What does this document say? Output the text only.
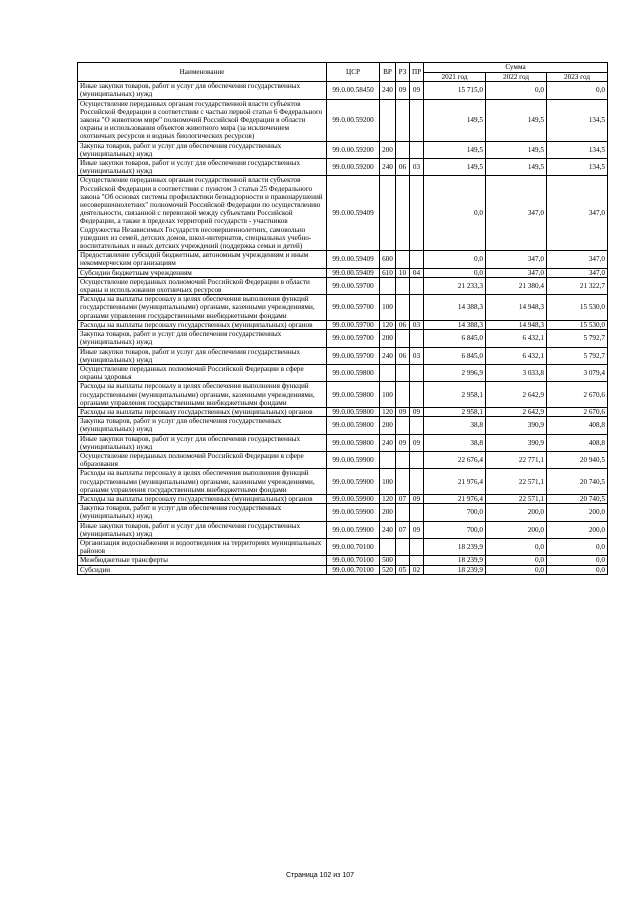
Наименование	ЦСР	ВР	РЗ	ПР	Сумма		
					2021 год	2022 год	2023 год
Иные закупки товаров, работ и услуг для обеспечения государственных (муниципальных) нужд	99.0.00.58450	240	09	09	15 715,0	0,0	0,0
Осуществление переданных органам государственной власти субъектов Российской Федерации в соответствии с частью первой статьи 6 Федерального закона "О животном мире" полномочий Российской Федерации в области охраны и использования объектов животного мира (за исключением охотничьих ресурсов и водных биологических ресурсов)	99.0.00.59200				149,5	149,5	134,5
Закупка товаров, работ и услуг для обеспечения государственных (муниципальных) нужд	99.0.00.59200	200			149,5	149,5	134,5
Иные закупки товаров, работ и услуг для обеспечения государственных (муниципальных) нужд	99.0.00.59200	240	06	03	149,5	149,5	134,5
Осуществление переданных органам государственной власти субъектов Российской Федерации в соответствии с пунктом 3 статьи 25 Федерального закона "Об основах системы профилактики безнадзорности и правонарушений несовершеннолетних" полномочий Российской Федерации по осуществлению деятельности, связанной с перевозкой между субъектами Российской Федерации, а также в пределах территорий государств - участников Содружества Независимых Государств несовершеннолетних, самовольно ушедших из семей, детских домов, школ-интернатов, специальных учебно-воспитательных и иных детских учреждений (поддержка семьи и детей)	99.0.00.59409				0,0	347,0	347,0
Предоставление субсидий бюджетным, автономным учреждениям и иным некоммерческим организациям	99.0.00.59409	600			0,0	347,0	347,0
Субсидии бюджетным учреждениям	99.0.00.59409	610	10	04	0,0	347,0	347,0
Осуществление переданных полномочий Российской Федерации в области охраны и использования охотничьих ресурсов	99.0.00.59700				21 233,3	21 380,4	21 322,7
Расходы на выплаты персоналу в целях обеспечения выполнения функций государственными (муниципальными) органами, казенными учреждениями, органами управления государственными внебюджетными фондами	99.0.00.59700	100			14 388,3	14 948,3	15 530,0
Расходы на выплаты персоналу государственных (муниципальных) органов	99.0.00.59700	120	06	03	14 388,3	14 948,3	15 530,0
Закупка товаров, работ и услуг для обеспечения государственных (муниципальных) нужд	99.0.00.59700	200			6 845,0	6 432,1	5 792,7
Иные закупки товаров, работ и услуг для обеспечения государственных (муниципальных) нужд	99.0.00.59700	240	06	03	6 845,0	6 432,1	5 792,7
Осуществление переданных полномочий Российской Федерации в сфере охраны здоровья	99.0.00.59800				2 996,9	3 033,8	3 079,4
Расходы на выплаты персоналу в целях обеспечения выполнения функций государственными (муниципальными) органами, казенными учреждениями, органами управления государственными внебюджетными фондами	99.0.00.59800	100			2 958,1	2 642,9	2 670,6
Расходы на выплаты персоналу государственных (муниципальных) органов	99.0.00.59800	120	09	09	2 958,1	2 642,9	2 670,6
Закупка товаров, работ и услуг для обеспечения государственных (муниципальных) нужд	99.0.00.59800	200			38,8	390,9	408,8
Иные закупки товаров, работ и услуг для обеспечения государственных (муниципальных) нужд	99.0.00.59800	240	09	09	38,8	390,9	408,8
Осуществление переданных полномочий Российской Федерации в сфере образования	99.0.00.59900				22 676,4	22 771,1	20 940,5
Расходы на выплаты персоналу в целях обеспечения выполнения функций государственными (муниципальными) органами, казенными учреждениями, органами управления государственными внебюджетными фондами	99.0.00.59900	100			21 976,4	22 571,1	20 740,5
Расходы на выплаты персоналу государственных (муниципальных) органов	99.0.00.59900	120	07	09	21 976,4	22 571,1	20 740,5
Закупка товаров, работ и услуг для обеспечения государственных (муниципальных) нужд	99.0.00.59900	200			700,0	200,0	200,0
Иные закупки товаров, работ и услуг для обеспечения государственных (муниципальных) нужд	99.0.00.59900	240	07	09	700,0	200,0	200,0
Организация водоснабжения и водоотведения на территориях муниципальных районов	99.0.00.70100				18 239,9	0,0	0,0
Межбюджетные трансферты	99.0.00.70100	500			18 239,9	0,0	0,0
Субсидии	99.0.00.70100	520	05	02	18 239,9	0,0	0,0
Страница 102 из 107
